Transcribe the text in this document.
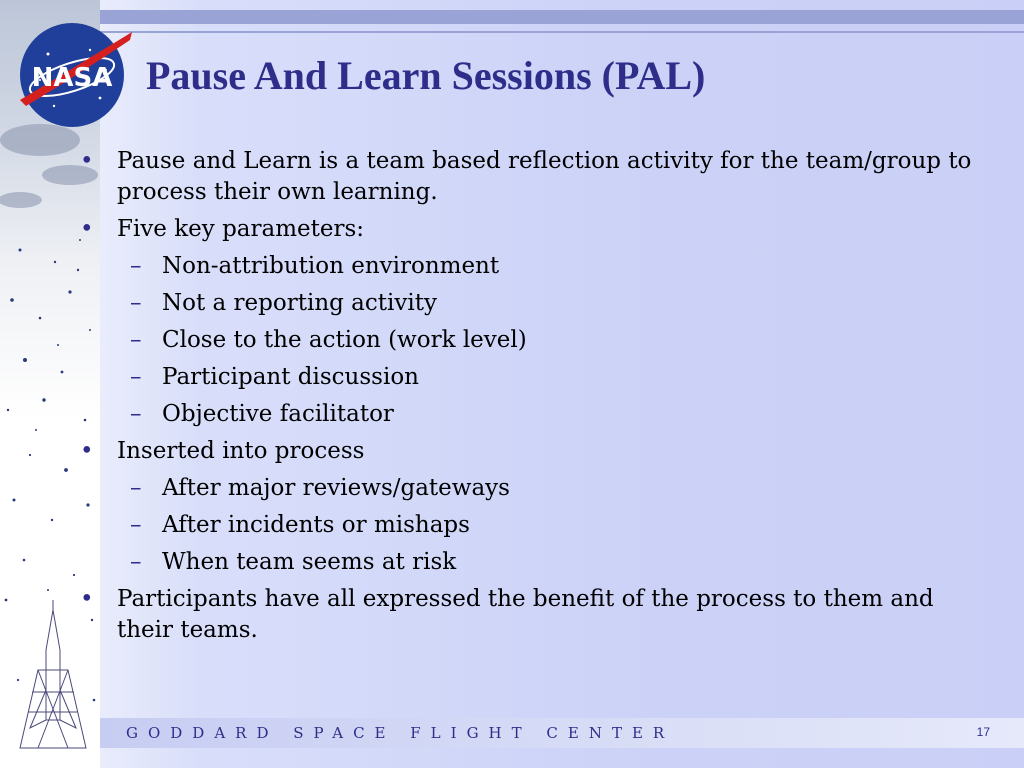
NASA Pause And Learn Sessions (PAL)
• Pause and Learn is a team based reflection activity for the team/group to process their own learning.
• Five key parameters:
– Non-attribution environment
– Not a reporting activity
– Close to the action (work level)
– Participant discussion
– Objective facilitator
• Inserted into process
– After major reviews/gateways
– After incidents or mishaps
– When team seems at risk
• Participants have all expressed the benefit of the process to them and their teams.
GODDARD SPACE FLIGHT CENTER	17
